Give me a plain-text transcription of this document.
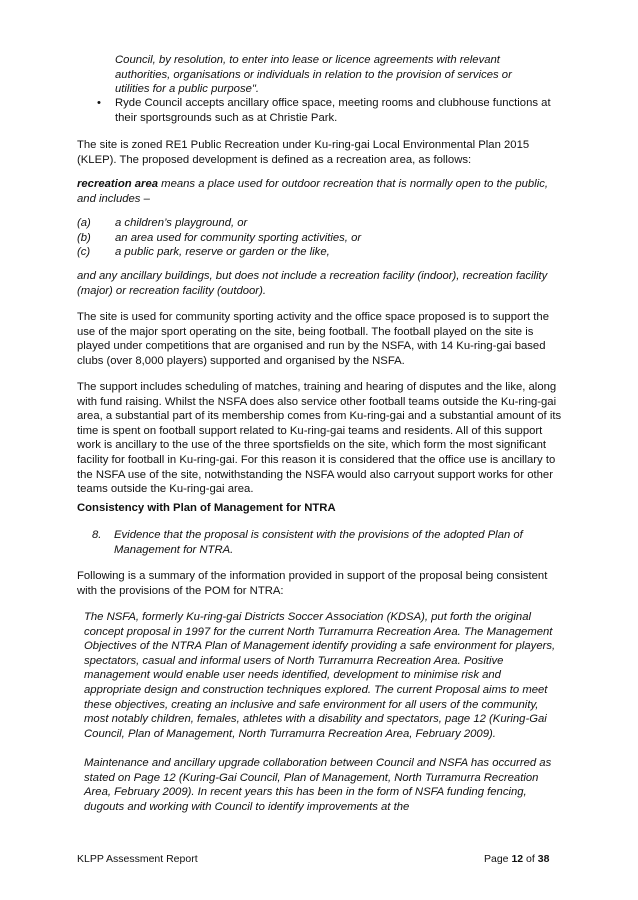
Council, by resolution, to enter into lease or licence agreements with relevant authorities, organisations or individuals in relation to the provision of services or utilities for a public purpose".

• Ryde Council accepts ancillary office space, meeting rooms and clubhouse functions at their sportsgrounds such as at Christie Park.

The site is zoned RE1 Public Recreation under Ku-ring-gai Local Environmental Plan 2015 (KLEP). The proposed development is defined as a recreation area, as follows:

recreation area means a place used for outdoor recreation that is normally open to the public, and includes –

(a) a children’s playground, or
(b) an area used for community sporting activities, or
(c) a public park, reserve or garden or the like,

and any ancillary buildings, but does not include a recreation facility (indoor), recreation facility (major) or recreation facility (outdoor).

The site is used for community sporting activity and the office space proposed is to support the use of the major sport operating on the site, being football. The football played on the site is played under competitions that are organised and run by the NSFA, with 14 Ku-ring-gai based clubs (over 8,000 players) supported and organised by the NSFA.

The support includes scheduling of matches, training and hearing of disputes and the like, along with fund raising. Whilst the NSFA does also service other football teams outside the Ku-ring-gai area, a substantial part of its membership comes from Ku-ring-gai and a substantial amount of its time is spent on football support related to Ku-ring-gai teams and residents. All of this support work is ancillary to the use of the three sportsfields on the site, which form the most significant facility for football in Ku-ring-gai. For this reason it is considered that the office use is ancillary to the NSFA use of the site, notwithstanding the NSFA would also carryout support works for other teams outside the Ku-ring-gai area.

Consistency with Plan of Management for NTRA
8. Evidence that the proposal is consistent with the provisions of the adopted Plan of Management for NTRA.

Following is a summary of the information provided in support of the proposal being consistent with the provisions of the POM for NTRA:

The NSFA, formerly Ku-ring-gai Districts Soccer Association (KDSA), put forth the original concept proposal in 1997 for the current North Turramurra Recreation Area. The Management Objectives of the NTRA Plan of Management identify providing a safe environment for players, spectators, casual and informal users of North Turramurra Recreation Area. Positive management would enable user needs identified, development to minimise risk and appropriate design and construction techniques explored. The current Proposal aims to meet these objectives, creating an inclusive and safe environment for all users of the community, most notably children, females, athletes with a disability and spectators, page 12 (Kuring-Gai Council, Plan of Management, North Turramurra Recreation Area, February 2009).

Maintenance and ancillary upgrade collaboration between Council and NSFA has occurred as stated on Page 12 (Kuring-Gai Council, Plan of Management, North Turramurra Recreation Area, February 2009). In recent years this has been in the form of NSFA funding fencing, dugouts and working with Council to identify improvements at the

KLPP Assessment Report	Page 12 of 38
